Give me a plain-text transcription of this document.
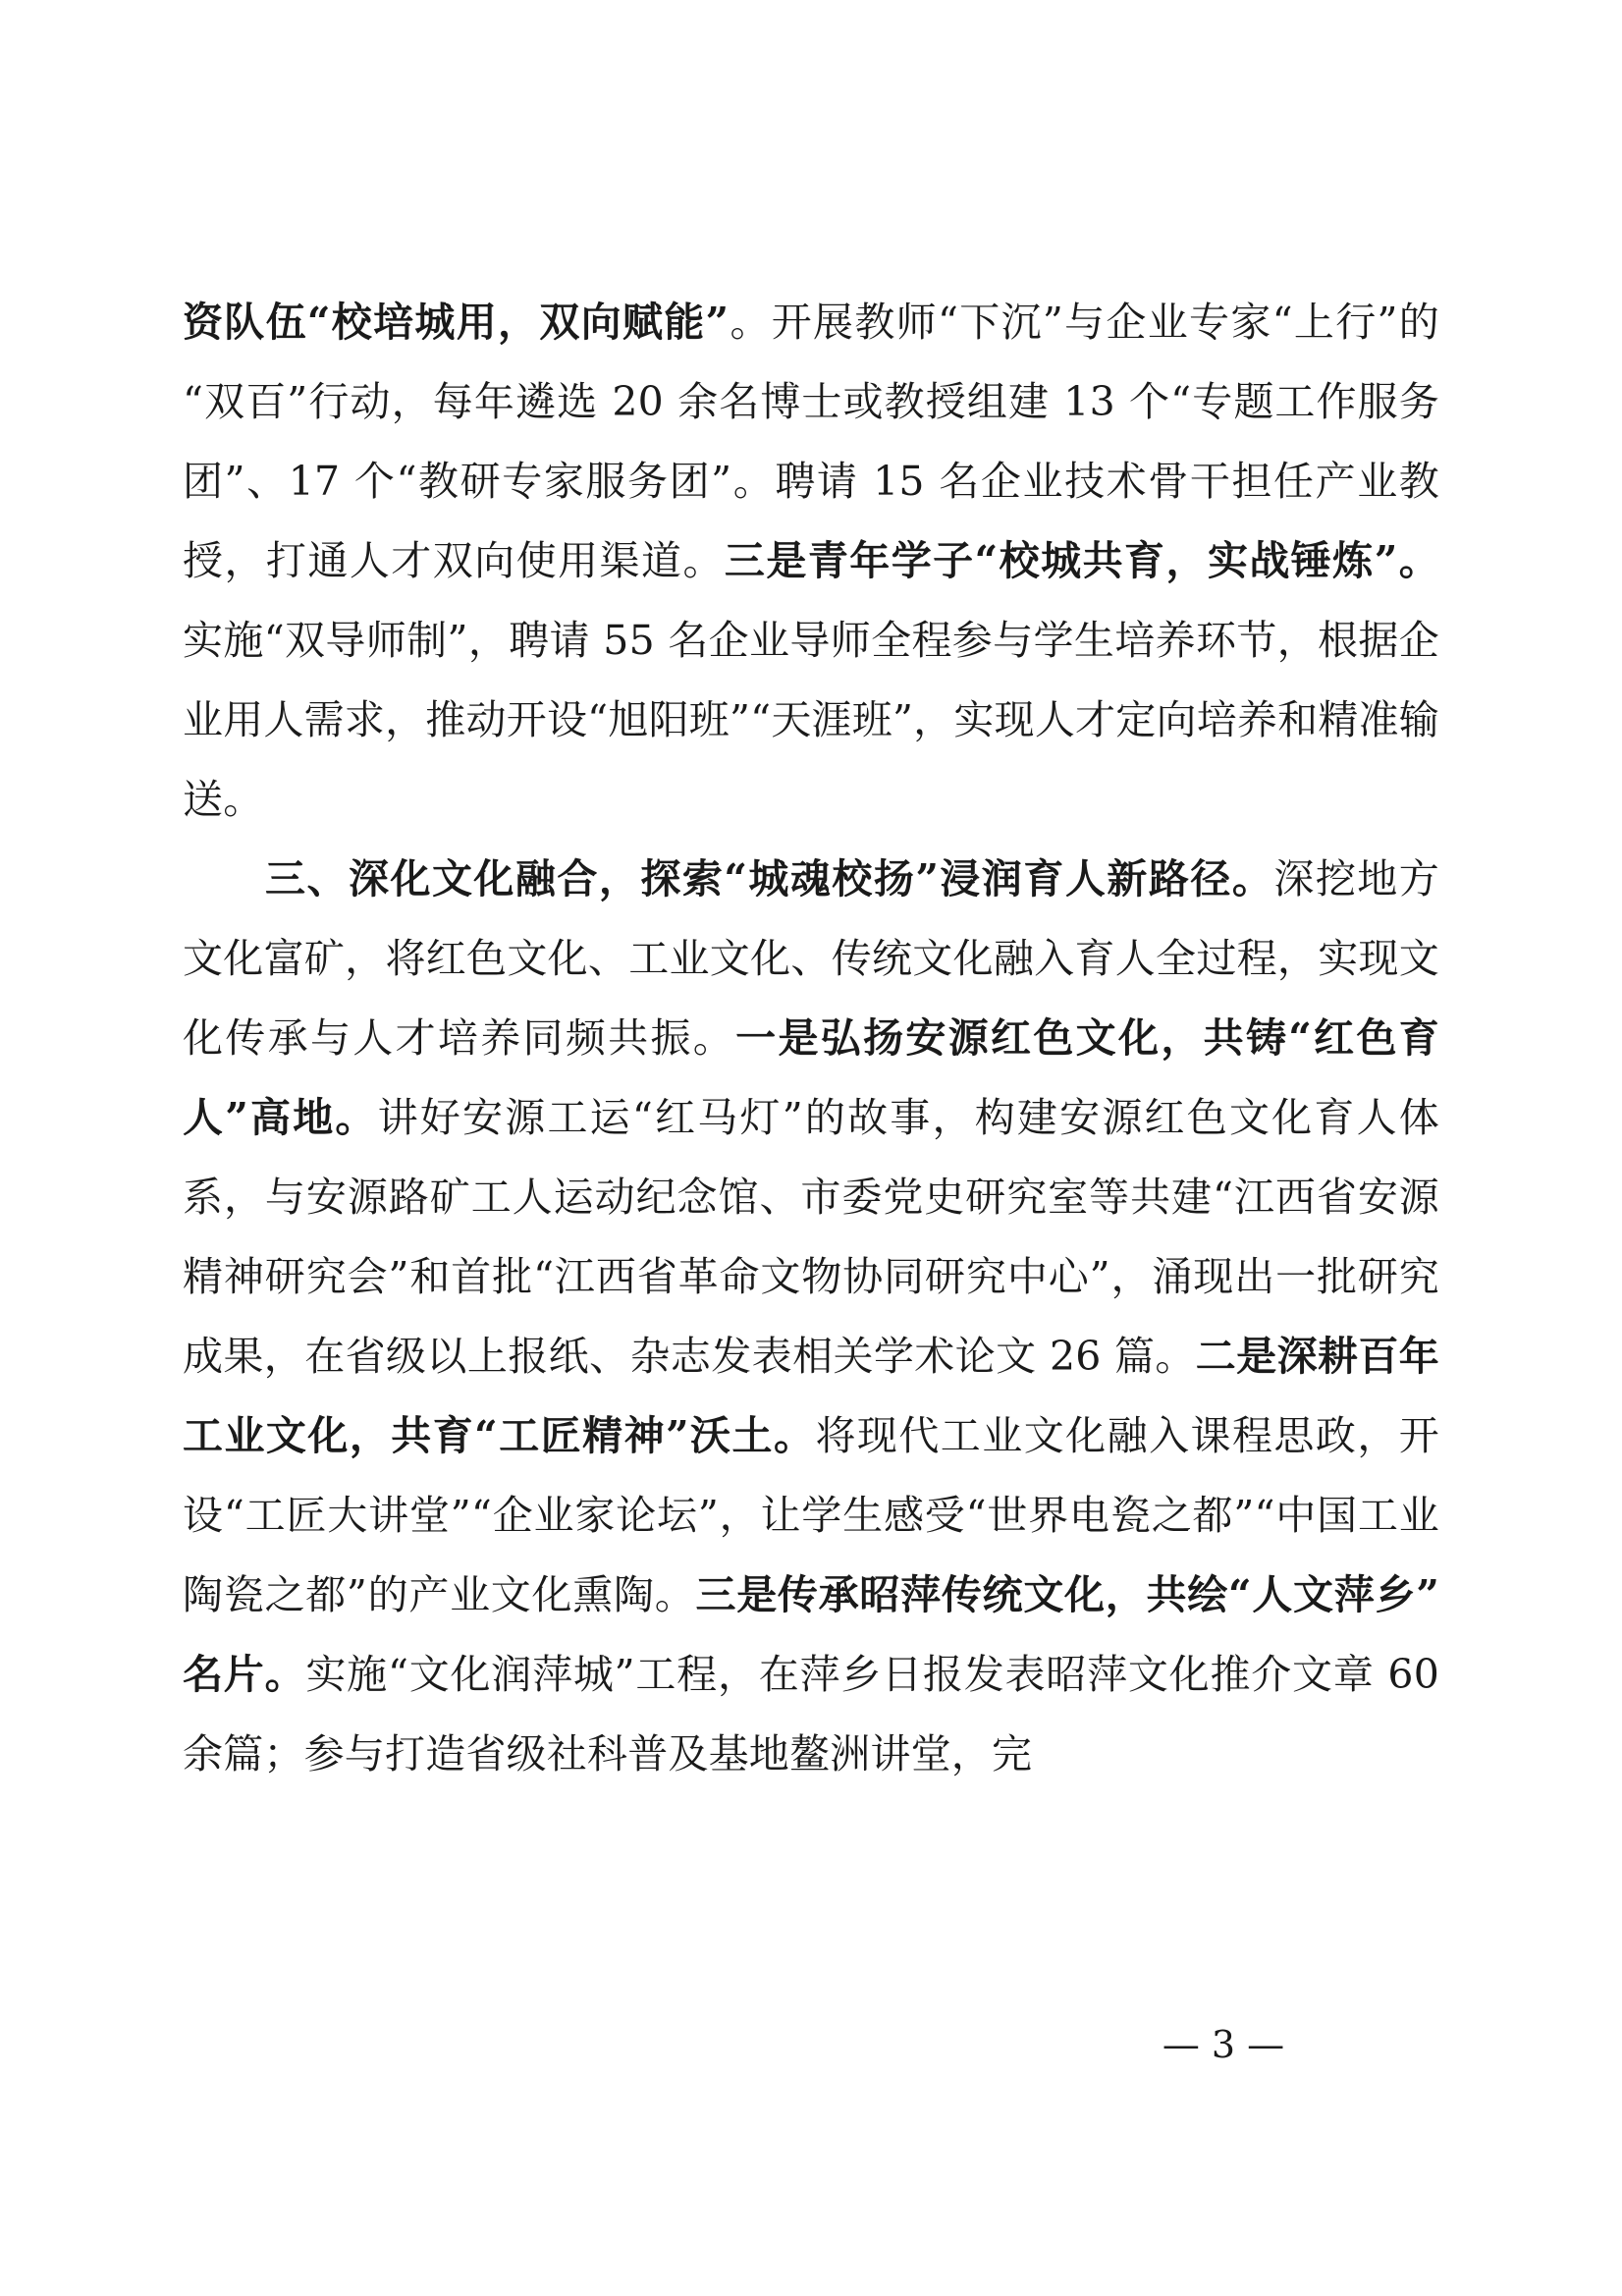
资队伍“校培城用，双向赋能”。开展教师“下沉”与企业专家“上行”的“双百”行动，每年遴选 20 余名博士或教授组建 13 个“专题工作服务团”、17 个“教研专家服务团”。聘请 15 名企业技术骨干担任产业教授，打通人才双向使用渠道。三是青年学子“校城共育，实战锤炼”。实施“双导师制”，聘请 55 名企业导师全程参与学生培养环节，根据企业用人需求，推动开设“旭阳班”“天涯班”，实现人才定向培养和精准输送。

三、深化文化融合，探索“城魂校扬”浸润育人新路径。深挖地方文化富矿，将红色文化、工业文化、传统文化融入育人全过程，实现文化传承与人才培养同频共振。一是弘扬安源红色文化，共铸“红色育人”高地。讲好安源工运“红马灯”的故事，构建安源红色文化育人体系，与安源路矿工人运动纪念馆、市委党史研究室等共建“江西省安源精神研究会”和首批“江西省革命文物协同研究中心”，涌现出一批研究成果，在省级以上报纸、杂志发表相关学术论文 26 篇。二是深耕百年工业文化，共育“工匠精神”沃土。将现代工业文化融入课程思政，开设“工匠大讲堂”“企业家论坛”，让学生感受“世界电瓷之都”“中国工业陶瓷之都”的产业文化熏陶。三是传承昭萍传统文化，共绘“人文萍乡”名片。实施“文化润萍城”工程，在萍乡日报发表昭萍文化推介文章 60 余篇；参与打造省级社科普及基地鳌洲讲堂，完

— 3 —
